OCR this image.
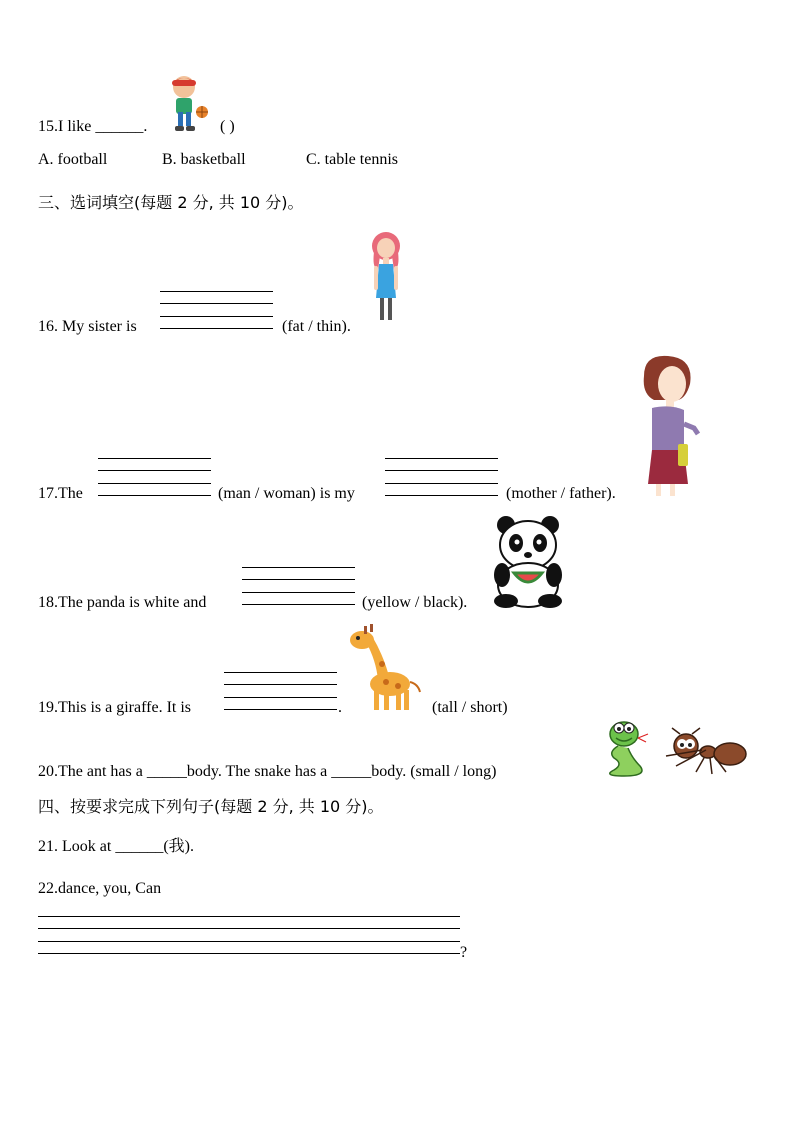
15.I like ______.	( )
A. football	B. basketball	C. table tennis
三、选词填空(每题 2 分, 共 10 分)。
16. My sister is	(fat / thin).
17.The	(man / woman) is my	(mother / father).
18.The panda is white and	(yellow / black).
19.This is a giraffe. It is	.	(tall / short)
20.The ant has a _____body. The snake has a _____body. (small / long)
四、按要求完成下列句子(每题 2 分, 共 10 分)。
21. Look at ______(我).
22.dance, you, Can
?
